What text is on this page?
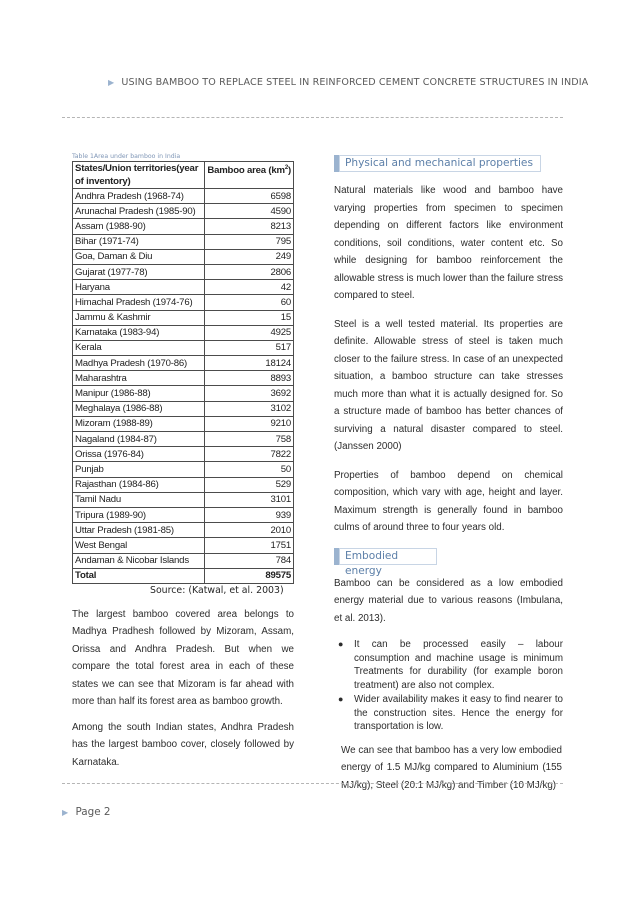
▶ USING BAMBOO TO REPLACE STEEL IN REINFORCED CEMENT CONCRETE STRUCTURES IN INDIA
Table 1Area under bamboo in India
States/Union territories(year of inventory)	Bamboo area $(km^2)$
Andhra Pradesh (1968-74)	6598
Arunachal Pradesh (1985-90)	4590
Assam (1988-90)	8213
Bihar (1971-74)	795
Goa, Daman & Diu	249
Gujarat (1977-78)	2806
Haryana	42
Himachal Pradesh (1974-76)	60
Jammu & Kashmir	15
Karnataka (1983-94)	4925
Kerala	517
Madhya Pradesh (1970-86)	18124
Maharashtra	8893
Manipur (1986-88)	3692
Meghalaya (1986-88)	3102
Mizoram (1988-89)	9210
Nagaland (1984-87)	758
Orissa (1976-84)	7822
Punjab	50
Rajasthan (1984-86)	529
Tamil Nadu	3101
Tripura (1989-90)	939
Uttar Pradesh (1981-85)	2010
West Bengal	1751
Andaman & Nicobar Islands	784
Total	89575
Source: (Katwal, et al. 2003)

The largest bamboo covered area belongs to Madhya Pradhesh followed by Mizoram, Assam, Orissa and Andhra Pradesh. But when we compare the total forest area in each of these states we can see that Mizoram is far ahead with more than half its forest area as bamboo growth.

Among the south Indian states, Andhra Pradesh has the largest bamboo cover, closely followed by Karnataka.

Physical and mechanical properties

Natural materials like wood and bamboo have varying properties from specimen to specimen depending on different factors like environment conditions, soil conditions, water content etc. So while designing for bamboo reinforcement the allowable stress is much lower than the failure stress compared to steel.

Steel is a well tested material. Its properties are definite. Allowable stress of steel is taken much closer to the failure stress. In case of an unexpected situation, a bamboo structure can take stresses much more than what it is actually designed for. So a structure made of bamboo has better chances of surviving a natural disaster compared to steel. (Janssen 2000)

Properties of bamboo depend on chemical composition, which vary with age, height and layer. Maximum strength is generally found in bamboo culms of around three to four years old.

Embodied energy

Bamboo can be considered as a low embodied energy material due to various reasons (Imbulana, et al. 2013).

● It can be processed easily – labour consumption and machine usage is minimum Treatments for durability (for example boron treatment) are also not complex.
● Wider availability makes it easy to find nearer to the construction sites. Hence the energy for transportation is low.

We can see that bamboo has a very low embodied energy of 1.5 MJ/kg compared to Aluminium (155 MJ/kg), Steel (20.1 MJ/kg) and Timber (10 MJ/kg)

▶ Page 2
